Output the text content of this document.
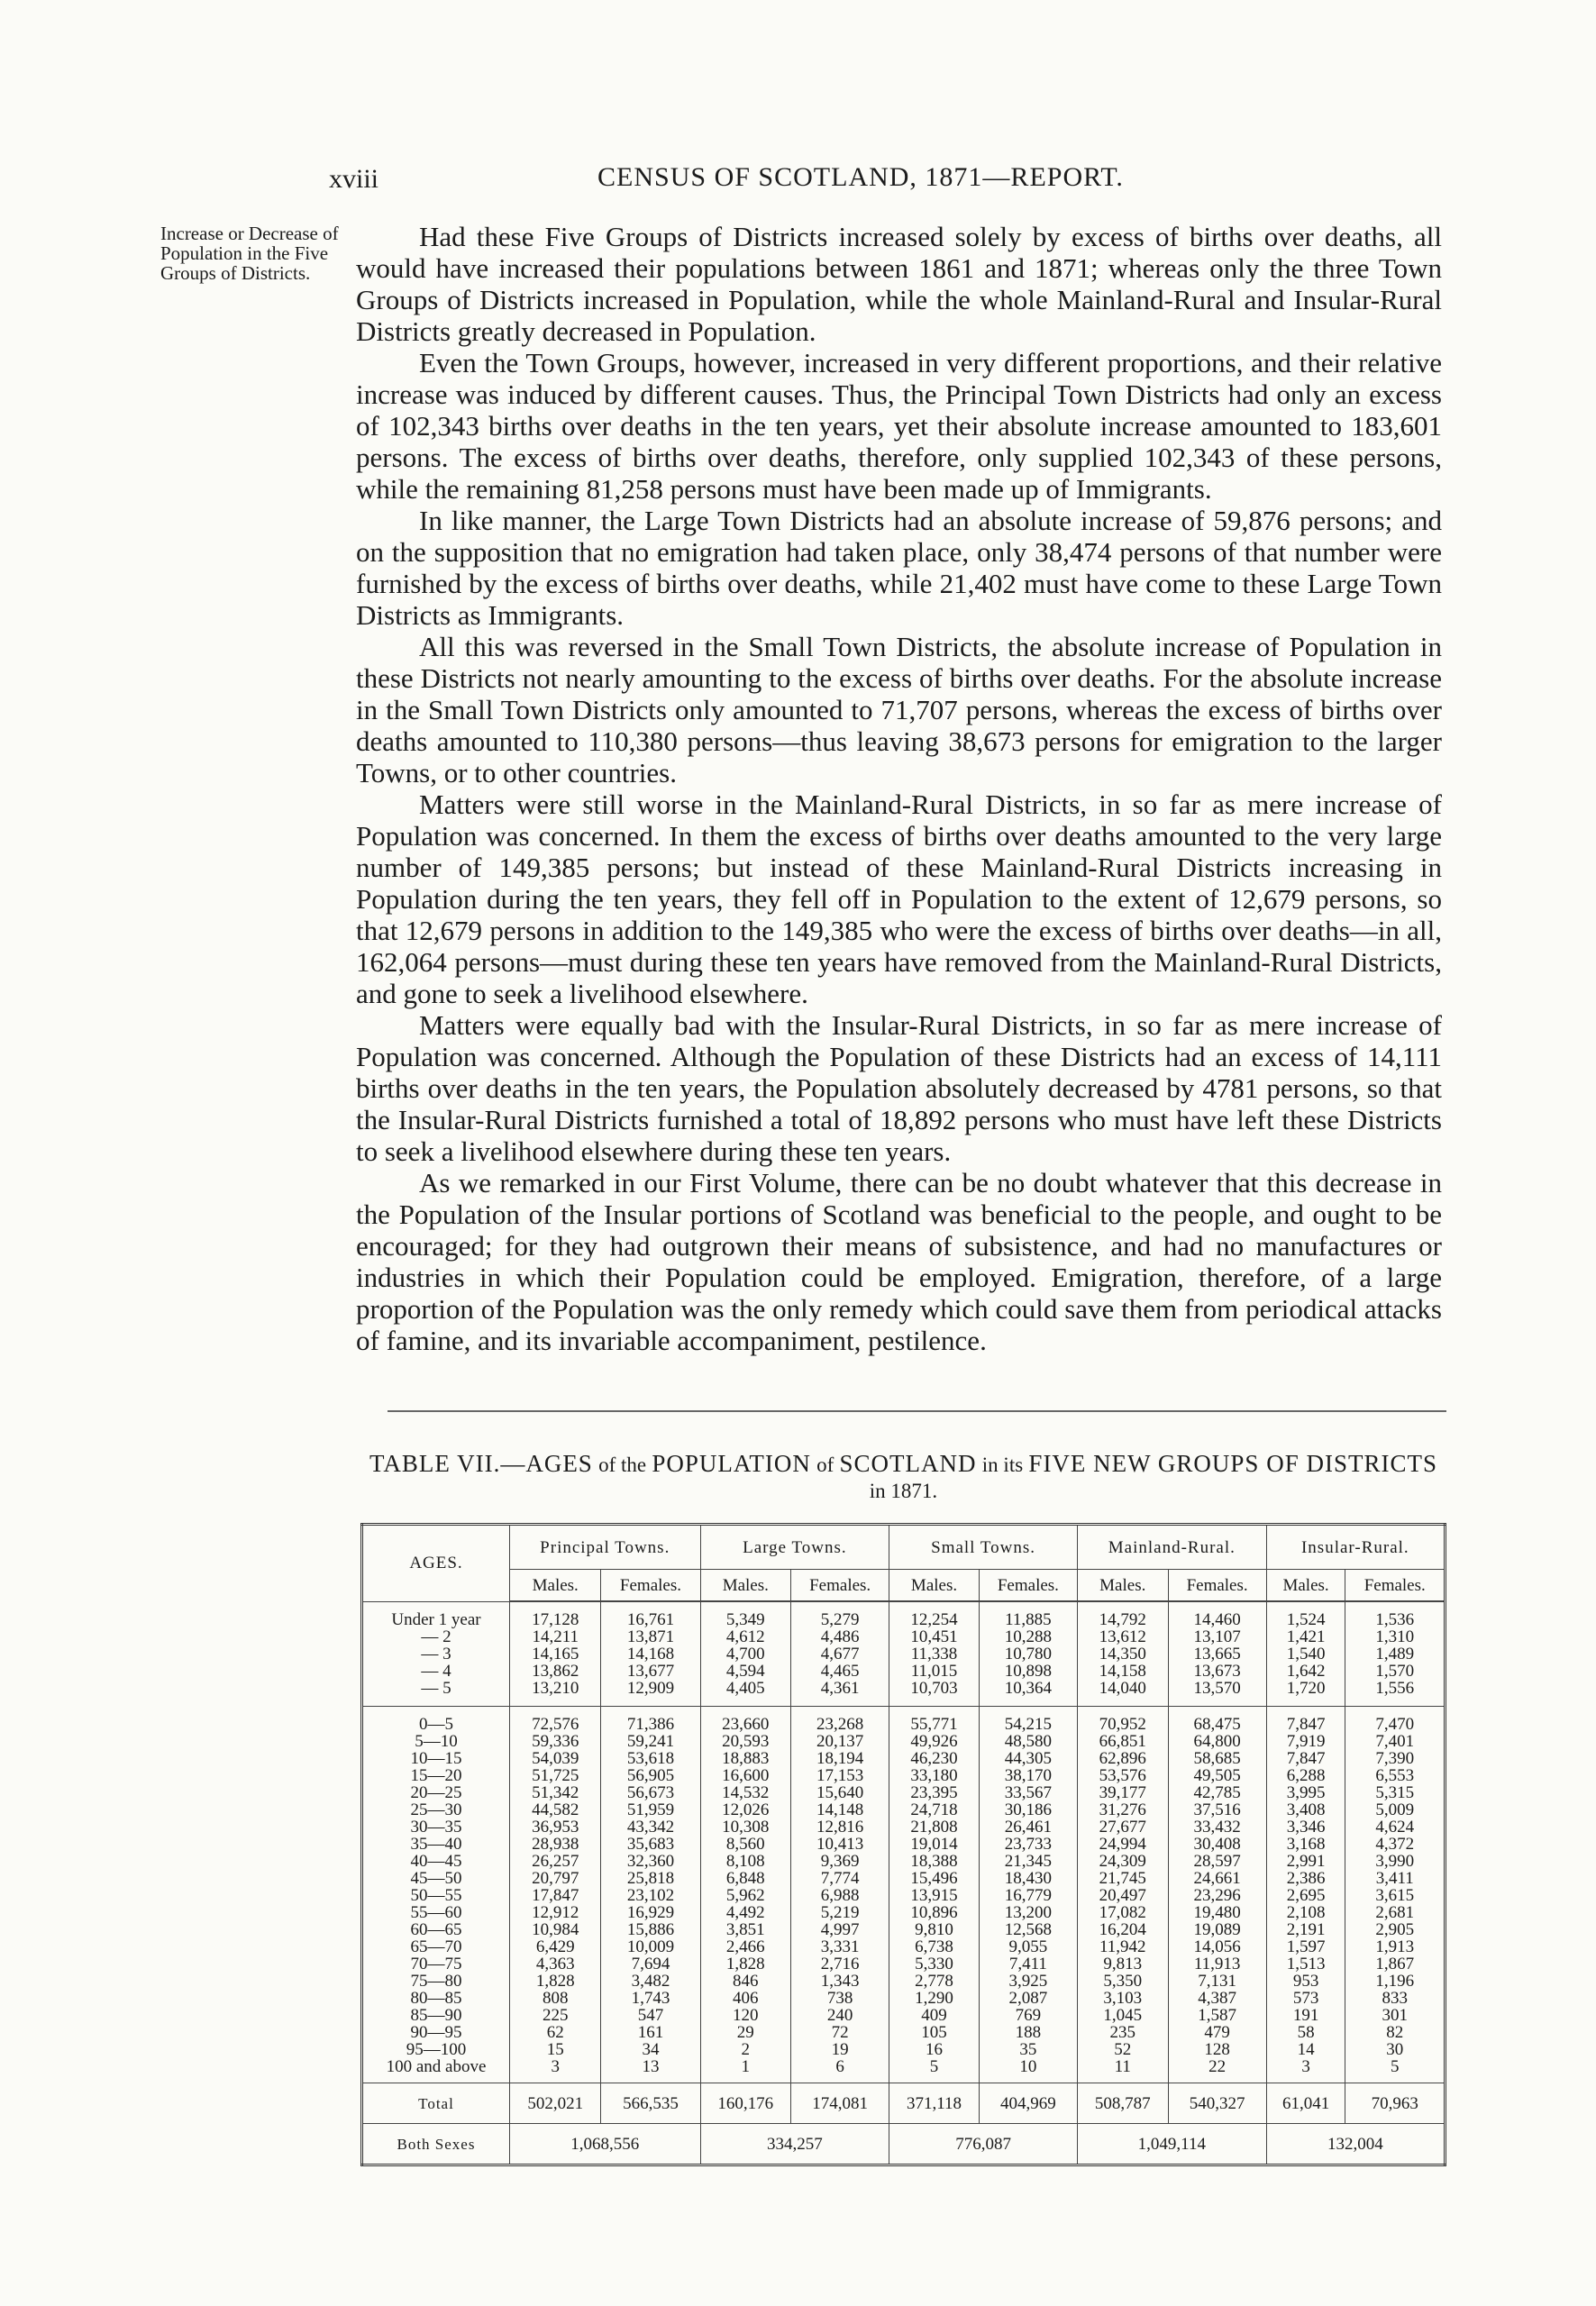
xviii	CENSUS OF SCOTLAND, 1871—REPORT.
Increase or Decrease of Population in the Five Groups of Districts.

Had these Five Groups of Districts increased solely by excess of births over deaths, all would have increased their populations between 1861 and 1871; whereas only the three Town Groups of Districts increased in Population, while the whole Mainland-Rural and Insular-Rural Districts greatly decreased in Population.

Even the Town Groups, however, increased in very different proportions, and their relative increase was induced by different causes. Thus, the Principal Town Districts had only an excess of 102,343 births over deaths in the ten years, yet their absolute increase amounted to 183,601 persons. The excess of births over deaths, therefore, only supplied 102,343 of these persons, while the remaining 81,258 persons must have been made up of Immigrants.

In like manner, the Large Town Districts had an absolute increase of 59,876 persons; and on the supposition that no emigration had taken place, only 38,474 persons of that number were furnished by the excess of births over deaths, while 21,402 must have come to these Large Town Districts as Immigrants.

All this was reversed in the Small Town Districts, the absolute increase of Population in these Districts not nearly amounting to the excess of births over deaths. For the absolute increase in the Small Town Districts only amounted to 71,707 persons, whereas the excess of births over deaths amounted to 110,380 persons—thus leaving 38,673 persons for emigration to the larger Towns, or to other countries.

Matters were still worse in the Mainland-Rural Districts, in so far as mere increase of Population was concerned. In them the excess of births over deaths amounted to the very large number of 149,385 persons; but instead of these Mainland-Rural Districts increasing in Population during the ten years, they fell off in Population to the extent of 12,679 persons, so that 12,679 persons in addition to the 149,385 who were the excess of births over deaths—in all, 162,064 persons—must during these ten years have removed from the Mainland-Rural Districts, and gone to seek a livelihood elsewhere.

Matters were equally bad with the Insular-Rural Districts, in so far as mere increase of Population was concerned. Although the Population of these Districts had an excess of 14,111 births over deaths in the ten years, the Population absolutely decreased by 4781 persons, so that the Insular-Rural Districts furnished a total of 18,892 persons who must have left these Districts to seek a livelihood elsewhere during these ten years.

As we remarked in our First Volume, there can be no doubt whatever that this decrease in the Population of the Insular portions of Scotland was beneficial to the people, and ought to be encouraged; for they had outgrown their means of subsistence, and had no manufactures or industries in which their Population could be employed. Emigration, therefore, of a large proportion of the Population was the only remedy which could save them from periodical attacks of famine, and its invariable accompaniment, pestilence.

TABLE VII.—AGES of the POPULATION of SCOTLAND in its FIVE NEW GROUPS OF DISTRICTS in 1871.
AGES.	Principal Towns.		Large Towns.		Small Towns.		Mainland-Rural.		Insular-Rural.	
	Males.	Females.	Males.	Females.	Males.	Females.	Males.	Females.	Males.	Females.
Under 1 year	17,128	16,761	5,349	5,279	12,254	11,885	14,792	14,460	1,524	1,536
— 2	14,211	13,871	4,612	4,486	10,451	10,288	13,612	13,107	1,421	1,310
— 3	14,165	14,168	4,700	4,677	11,338	10,780	14,350	13,665	1,540	1,489
— 4	13,862	13,677	4,594	4,465	11,015	10,898	14,158	13,673	1,642	1,570
— 5	13,210	12,909	4,405	4,361	10,703	10,364	14,040	13,570	1,720	1,556
0—5	72,576	71,386	23,660	23,268	55,771	54,215	70,952	68,475	7,847	7,470
5—10	59,336	59,241	20,593	20,137	49,926	48,580	66,851	64,800	7,919	7,401
10—15	54,039	53,618	18,883	18,194	46,230	44,305	62,896	58,685	7,847	7,390
15—20	51,725	56,905	16,600	17,153	33,180	38,170	53,576	49,505	6,288	6,553
20—25	51,342	56,673	14,532	15,640	23,395	33,567	39,177	42,785	3,995	5,315
25—30	44,582	51,959	12,026	14,148	24,718	30,186	31,276	37,516	3,408	5,009
30—35	36,953	43,342	10,308	12,816	21,808	26,461	27,677	33,432	3,346	4,624
35—40	28,938	35,683	8,560	10,413	19,014	23,733	24,994	30,408	3,168	4,372
40—45	26,257	32,360	8,108	9,369	18,388	21,345	24,309	28,597	2,991	3,990
45—50	20,797	25,818	6,848	7,774	15,496	18,430	21,745	24,661	2,386	3,411
50—55	17,847	23,102	5,962	6,988	13,915	16,779	20,497	23,296	2,695	3,615
55—60	12,912	16,929	4,492	5,219	10,896	13,200	17,082	19,480	2,108	2,681
60—65	10,984	15,886	3,851	4,997	9,810	12,568	16,204	19,089	2,191	2,905
65—70	6,429	10,009	2,466	3,331	6,738	9,055	11,942	14,056	1,597	1,913
70—75	4,363	7,694	1,828	2,716	5,330	7,411	9,813	11,913	1,513	1,867
75—80	1,828	3,482	846	1,343	2,778	3,925	5,350	7,131	953	1,196
80—85	808	1,743	406	738	1,290	2,087	3,103	4,387	573	833
85—90	225	547	120	240	409	769	1,045	1,587	191	301
90—95	62	161	29	72	105	188	235	479	58	82
95—100	15	34	2	19	16	35	52	128	14	30
100 and above	3	13	1	6	5	10	11	22	3	5
Total	502,021	566,535	160,176	174,081	371,118	404,969	508,787	540,327	61,041	70,963
Both Sexes	1,068,556		334,257		776,087		1,049,114		132,004	
